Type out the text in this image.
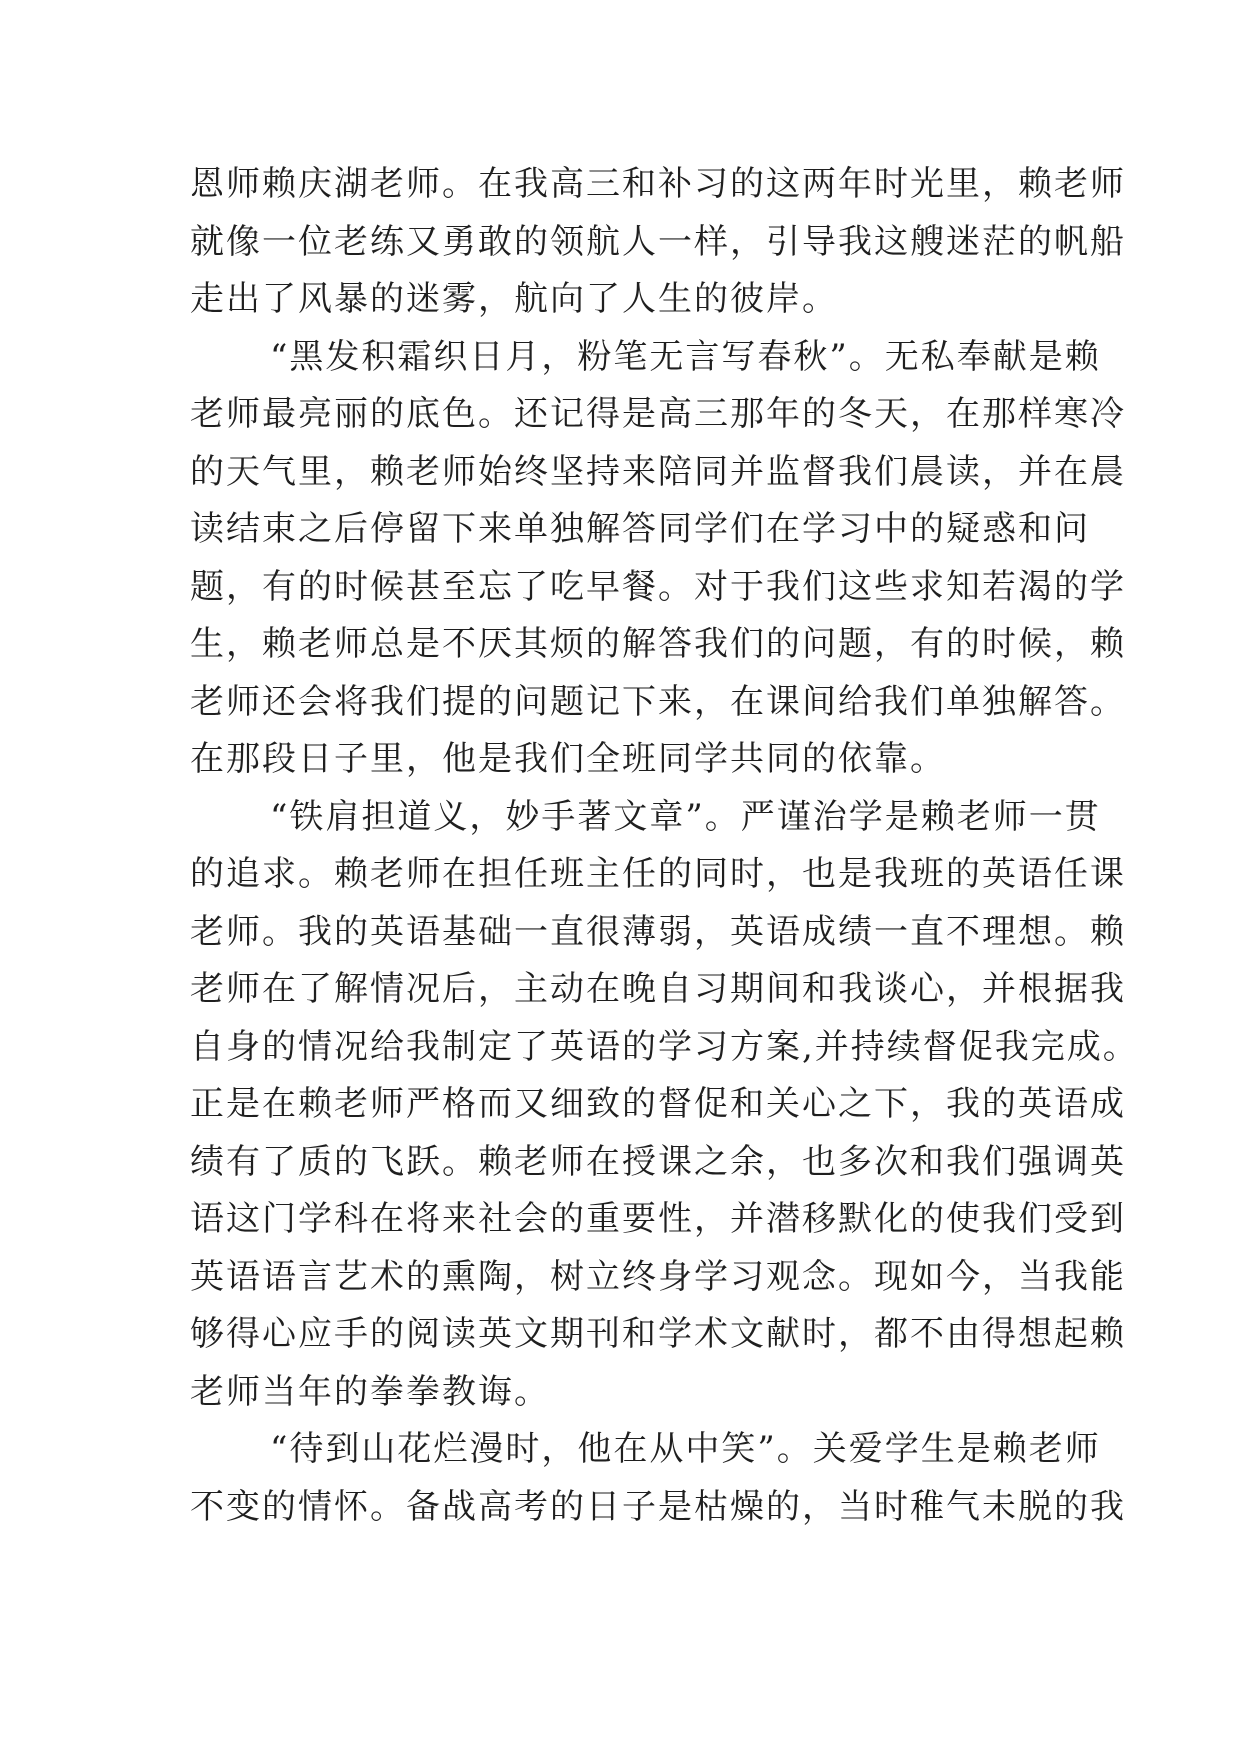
恩师赖庆湖老师。在我高三和补习的这两年时光里，赖老师
就像一位老练又勇敢的领航人一样，引导我这艘迷茫的帆船
走出了风暴的迷雾，航向了人生的彼岸。
“黑发积霜织日月，粉笔无言写春秋”。无私奉献是赖
老师最亮丽的底色。还记得是高三那年的冬天，在那样寒冷
的天气里，赖老师始终坚持来陪同并监督我们晨读，并在晨
读结束之后停留下来单独解答同学们在学习中的疑惑和问
题，有的时候甚至忘了吃早餐。对于我们这些求知若渴的学
生，赖老师总是不厌其烦的解答我们的问题，有的时候，赖
老师还会将我们提的问题记下来，在课间给我们单独解答。
在那段日子里，他是我们全班同学共同的依靠。
“铁肩担道义，妙手著文章”。严谨治学是赖老师一贯
的追求。赖老师在担任班主任的同时，也是我班的英语任课
老师。我的英语基础一直很薄弱，英语成绩一直不理想。赖
老师在了解情况后，主动在晚自习期间和我谈心，并根据我
自身的情况给我制定了英语的学习方案,并持续督促我完成。
正是在赖老师严格而又细致的督促和关心之下，我的英语成
绩有了质的飞跃。赖老师在授课之余，也多次和我们强调英
语这门学科在将来社会的重要性，并潜移默化的使我们受到
英语语言艺术的熏陶，树立终身学习观念。现如今，当我能
够得心应手的阅读英文期刊和学术文献时，都不由得想起赖
老师当年的拳拳教诲。
“待到山花烂漫时，他在从中笑”。关爱学生是赖老师
不变的情怀。备战高考的日子是枯燥的，当时稚气未脱的我
